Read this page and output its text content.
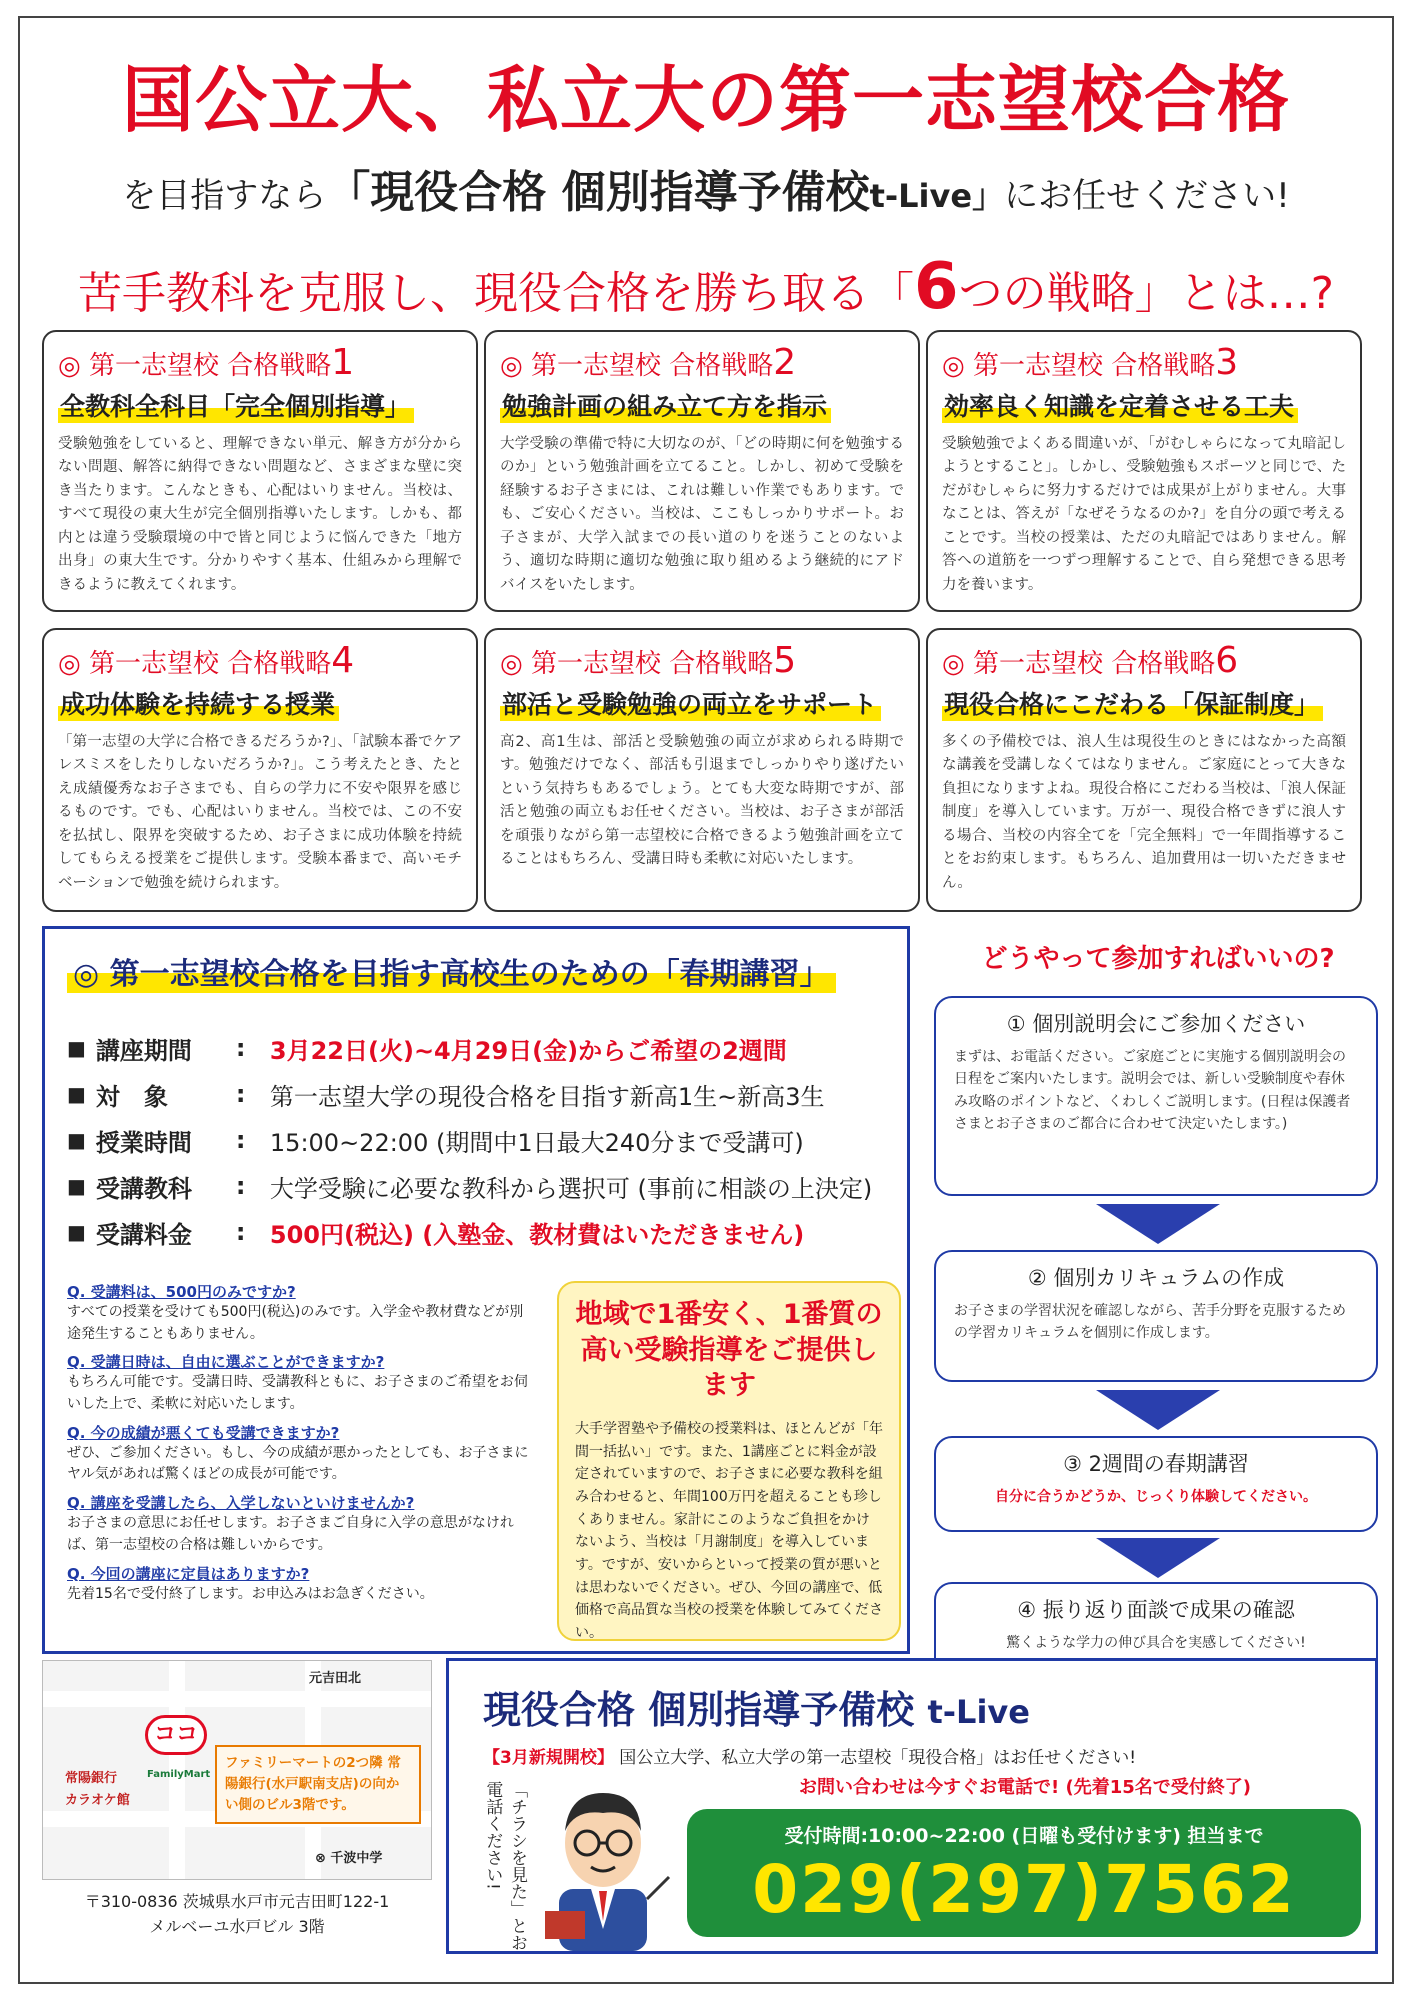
国公立大、私立大の第一志望校合格
を目指すなら「現役合格 個別指導予備校t-Live」にお任せください!
苦手教科を克服し、現役合格を勝ち取る「6つの戦略」とは…?
◎ 第一志望校 合格戦略1
全教科全科目「完全個別指導」
受験勉強をしていると、理解できない単元、解き方が分からない問題、解答に納得できない問題など、さまざまな壁に突き当たります。こんなときも、心配はいりません。当校は、すべて現役の東大生が完全個別指導いたします。しかも、都内とは違う受験環境の中で皆と同じように悩んできた「地方出身」の東大生です。分かりやすく基本、仕組みから理解できるように教えてくれます。
◎ 第一志望校 合格戦略2
勉強計画の組み立て方を指示
大学受験の準備で特に大切なのが、「どの時期に何を勉強するのか」という勉強計画を立てること。しかし、初めて受験を経験するお子さまには、これは難しい作業でもあります。でも、ご安心ください。当校は、ここもしっかりサポート。お子さまが、大学入試までの長い道のりを迷うことのないよう、適切な時期に適切な勉強に取り組めるよう継続的にアドバイスをいたします。
◎ 第一志望校 合格戦略3
効率良く知識を定着させる工夫
受験勉強でよくある間違いが、「がむしゃらになって丸暗記しようとすること」。しかし、受験勉強もスポーツと同じで、ただがむしゃらに努力するだけでは成果が上がりません。大事なことは、答えが「なぜそうなるのか?」を自分の頭で考えることです。当校の授業は、ただの丸暗記ではありません。解答への道筋を一つずつ理解することで、自ら発想できる思考力を養います。
◎ 第一志望校 合格戦略4
成功体験を持続する授業
「第一志望の大学に合格できるだろうか?」、「試験本番でケアレスミスをしたりしないだろうか?」。こう考えたとき、たとえ成績優秀なお子さまでも、自らの学力に不安や限界を感じるものです。でも、心配はいりません。当校では、この不安を払拭し、限界を突破するため、お子さまに成功体験を持続してもらえる授業をご提供します。受験本番まで、高いモチベーションで勉強を続けられます。
◎ 第一志望校 合格戦略5
部活と受験勉強の両立をサポート
高2、高1生は、部活と受験勉強の両立が求められる時期です。勉強だけでなく、部活も引退までしっかりやり遂げたいという気持ちもあるでしょう。とても大変な時期ですが、部活と勉強の両立もお任せください。当校は、お子さまが部活を頑張りながら第一志望校に合格できるよう勉強計画を立てることはもちろん、受講日時も柔軟に対応いたします。
◎ 第一志望校 合格戦略6
現役合格にこだわる「保証制度」
多くの予備校では、浪人生は現役生のときにはなかった高額な講義を受講しなくてはなりません。ご家庭にとって大きな負担になりますよね。現役合格にこだわる当校は、「浪人保証制度」を導入しています。万が一、現役合格できずに浪人する場合、当校の内容全てを「完全無料」で一年間指導することをお約束します。もちろん、追加費用は一切いただきません。
◎ 第一志望校合格を目指す高校生のための「春期講習」
■ 講座期間	:	3月22日(火)~4月29日(金)からご希望の2週間
■ 対　象	:	第一志望大学の現役合格を目指す新高1生~新高3生
■ 授業時間	:	15:00~22:00 (期間中1日最大240分まで受講可)
■ 受講教科	:	大学受験に必要な教科から選択可 (事前に相談の上決定)
■ 受講料金	:	500円(税込) (入塾金、教材費はいただきません)
Q. 受講料は、500円のみですか?
すべての授業を受けても500円(税込)のみです。入学金や教材費などが別途発生することもありません。
Q. 受講日時は、自由に選ぶことができますか?
もちろん可能です。受講日時、受講教科ともに、お子さまのご希望をお伺いした上で、柔軟に対応いたします。
Q. 今の成績が悪くても受講できますか?
ぜひ、ご参加ください。もし、今の成績が悪かったとしても、お子さまにヤル気があれば驚くほどの成長が可能です。
Q. 講座を受講したら、入学しないといけませんか?
お子さまの意思にお任せします。お子さまご自身に入学の意思がなければ、第一志望校の合格は難しいからです。
Q. 今回の講座に定員はありますか?
先着15名で受付終了します。お申込みはお急ぎください。
地域で1番安く、1番質の高い受験指導をご提供します
大手学習塾や予備校の授業料は、ほとんどが「年間一括払い」です。また、1講座ごとに料金が設定されていますので、お子さまに必要な教科を組み合わせると、年間100万円を超えることも珍しくありません。家計にこのようなご負担をかけないよう、当校は「月謝制度」を導入しています。ですが、安いからといって授業の質が悪いとは思わないでください。ぜひ、今回の講座で、低価格で高品質な当校の授業を体験してみてください。
どうやって参加すればいいの?
① 個別説明会にご参加ください
まずは、お電話ください。ご家庭ごとに実施する個別説明会の日程をご案内いたします。説明会では、新しい受験制度や春休み攻略のポイントなど、くわしくご説明します。(日程は保護者さまとお子さまのご都合に合わせて決定いたします。)
② 個別カリキュラムの作成
お子さまの学習状況を確認しながら、苦手分野を克服するための学習カリキュラムを個別に作成します。
③ 2週間の春期講習
自分に合うかどうか、じっくり体験してください。
④ 振り返り面談で成果の確認
驚くような学力の伸び具合を実感してください!
元吉田北
ココ
常陽銀行
カラオケ館
FamilyMart
ファミリーマートの2つ隣 常陽銀行(水戸駅南支店)の向かい側のビル3階です。
⊗ 千波中学
〒310-0836 茨城県水戸市元吉田町122-1
メルベーユ水戸ビル 3階
現役合格 個別指導予備校 t-Live
【3月新規開校】 国公立大学、私立大学の第一志望校「現役合格」はお任せください!
「チラシを見た」とお電話ください!	お問い合わせは今すぐお電話で! (先着15名で受付終了)
受付時間:10:00~22:00 (日曜も受付けます) 担当まで
029(297)7562
